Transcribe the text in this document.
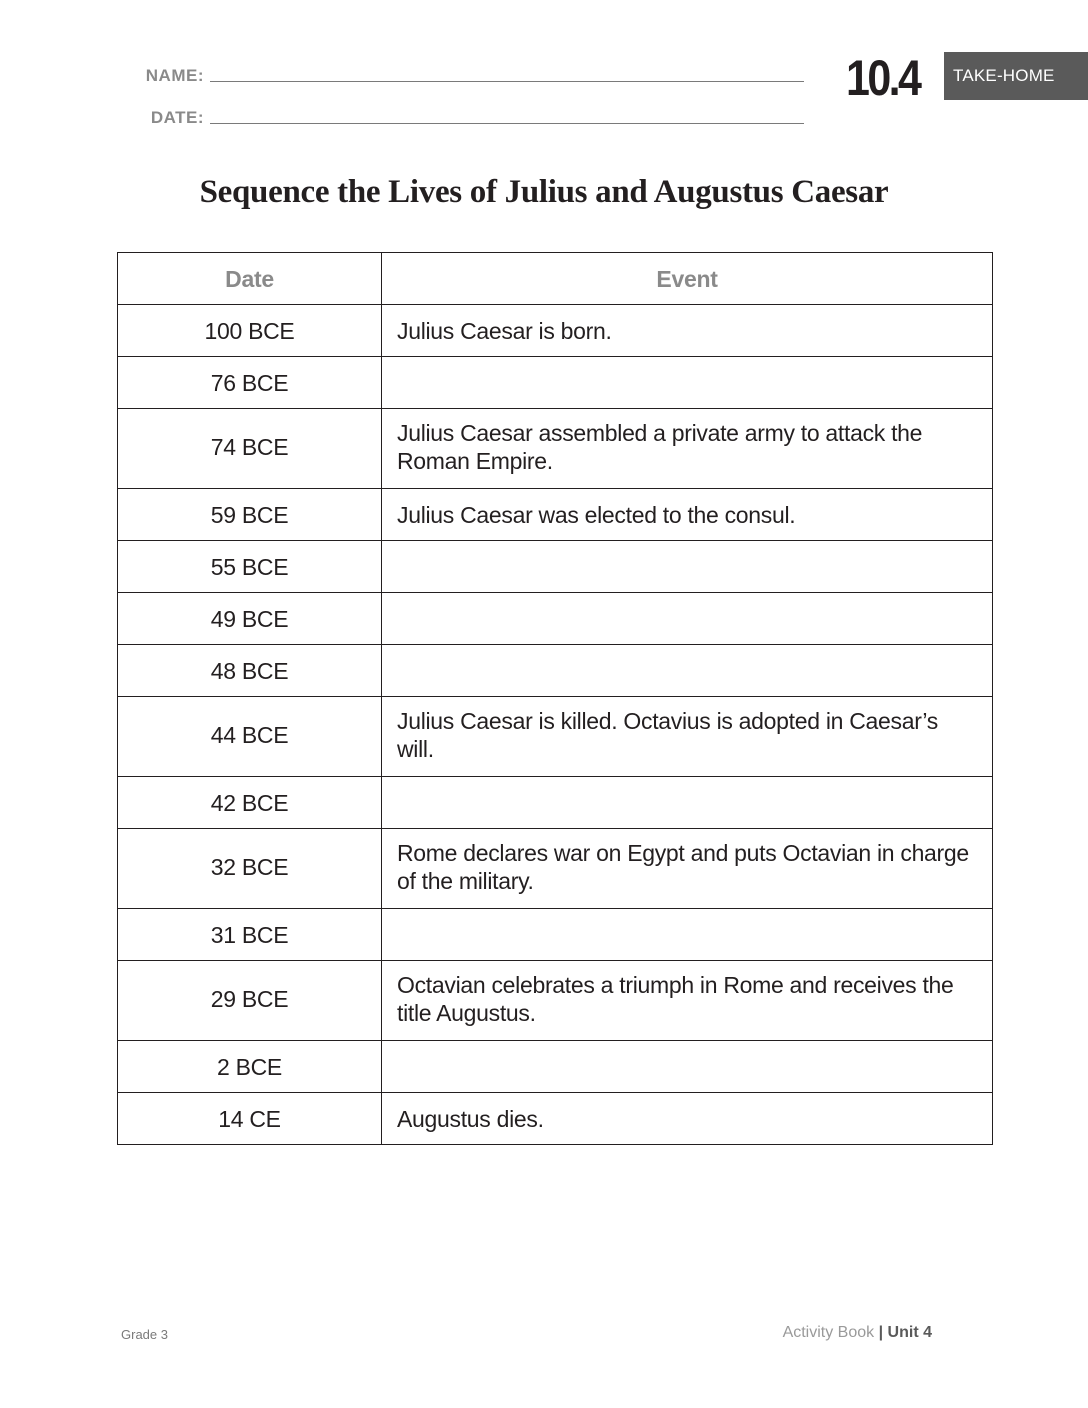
NAME:
DATE:
10.4	TAKE-HOME
Sequence the Lives of Julius and Augustus Caesar
Date	Event
100 BCE	Julius Caesar is born.
76 BCE	
74 BCE	Julius Caesar assembled a private army to attack the Roman Empire.
59 BCE	Julius Caesar was elected to the consul.
55 BCE	
49 BCE	
48 BCE	
44 BCE	Julius Caesar is killed. Octavius is adopted in Caesar’s will.
42 BCE	
32 BCE	Rome declares war on Egypt and puts Octavian in charge of the military.
31 BCE	
29 BCE	Octavian celebrates a triumph in Rome and receives the title Augustus.
2 BCE	
14 CE	Augustus dies.
Grade 3	Activity Book | Unit 4
